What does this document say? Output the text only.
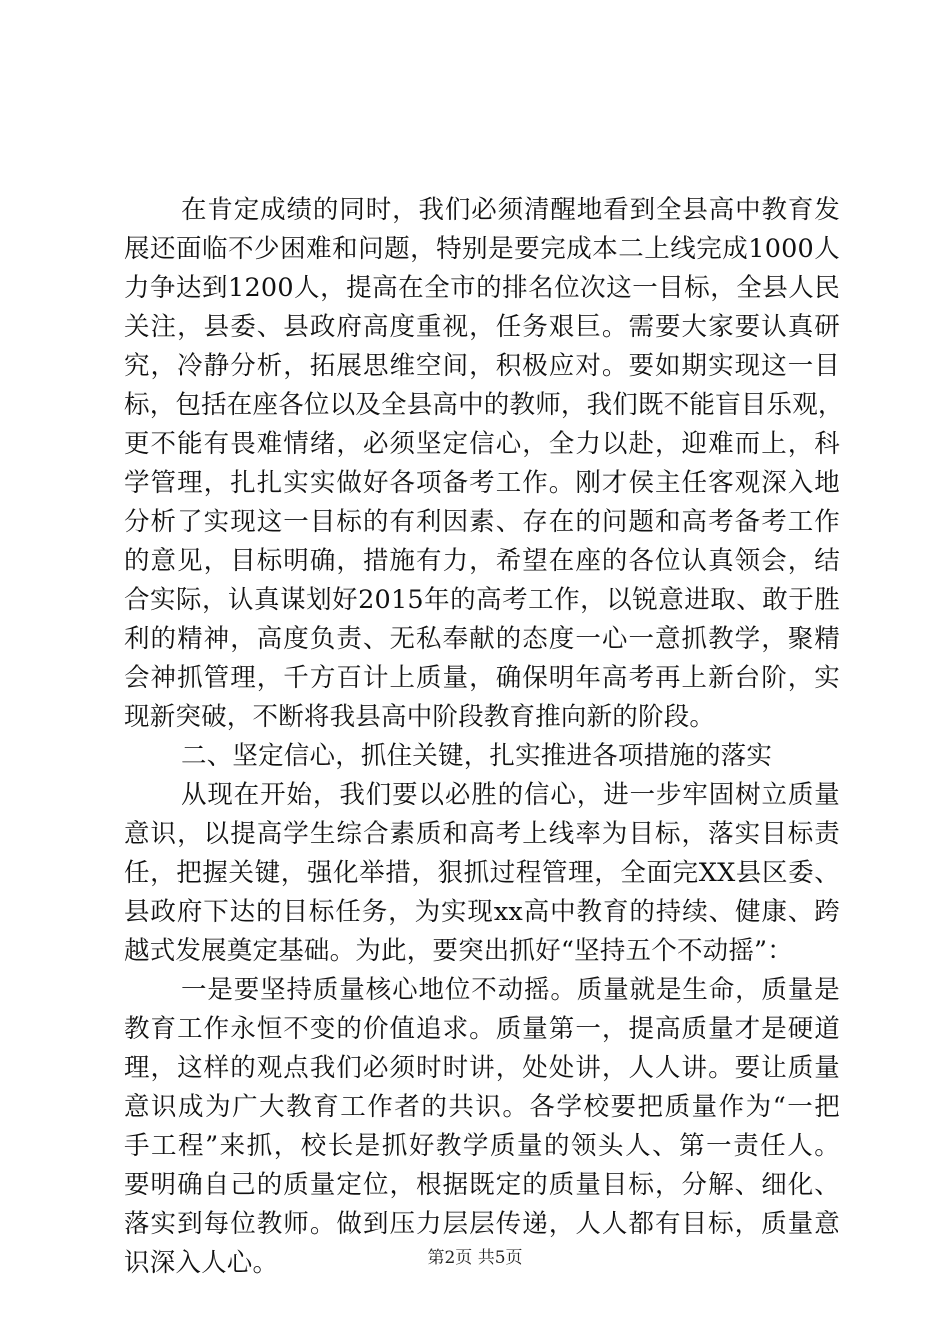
在肯定成绩的同时，我们必须清醒地看到全县高中教育发
展还面临不少困难和问题，特别是要完成本二上线完成1000人
力争达到1200人，提高在全市的排名位次这一目标，全县人民
关注，县委、县政府高度重视，任务艰巨。需要大家要认真研
究，冷静分析，拓展思维空间，积极应对。要如期实现这一目
标，包括在座各位以及全县高中的教师，我们既不能盲目乐观，
更不能有畏难情绪，必须坚定信心，全力以赴，迎难而上，科
学管理，扎扎实实做好各项备考工作。刚才侯主任客观深入地
分析了实现这一目标的有利因素、存在的问题和高考备考工作
的意见，目标明确，措施有力，希望在座的各位认真领会，结
合实际，认真谋划好2015年的高考工作，以锐意进取、敢于胜
利的精神，高度负责、无私奉献的态度一心一意抓教学，聚精
会神抓管理，千方百计上质量，确保明年高考再上新台阶，实
现新突破，不断将我县高中阶段教育推向新的阶段。
二、坚定信心，抓住关键，扎实推进各项措施的落实
从现在开始，我们要以必胜的信心，进一步牢固树立质量
意识，以提高学生综合素质和高考上线率为目标，落实目标责
任，把握关键，强化举措，狠抓过程管理，全面完XX县区委、
县政府下达的目标任务，为实现xx高中教育的持续、健康、跨
越式发展奠定基础。为此，要突出抓好“坚持五个不动摇”：
一是要坚持质量核心地位不动摇。质量就是生命，质量是
教育工作永恒不变的价值追求。质量第一，提高质量才是硬道
理，这样的观点我们必须时时讲，处处讲，人人讲。要让质量
意识成为广大教育工作者的共识。各学校要把质量作为“一把
手工程”来抓，校长是抓好教学质量的领头人、第一责任人。
要明确自己的质量定位，根据既定的质量目标，分解、细化、
落实到每位教师。做到压力层层传递，人人都有目标，质量意
识深入人心。	第2页 共5页
